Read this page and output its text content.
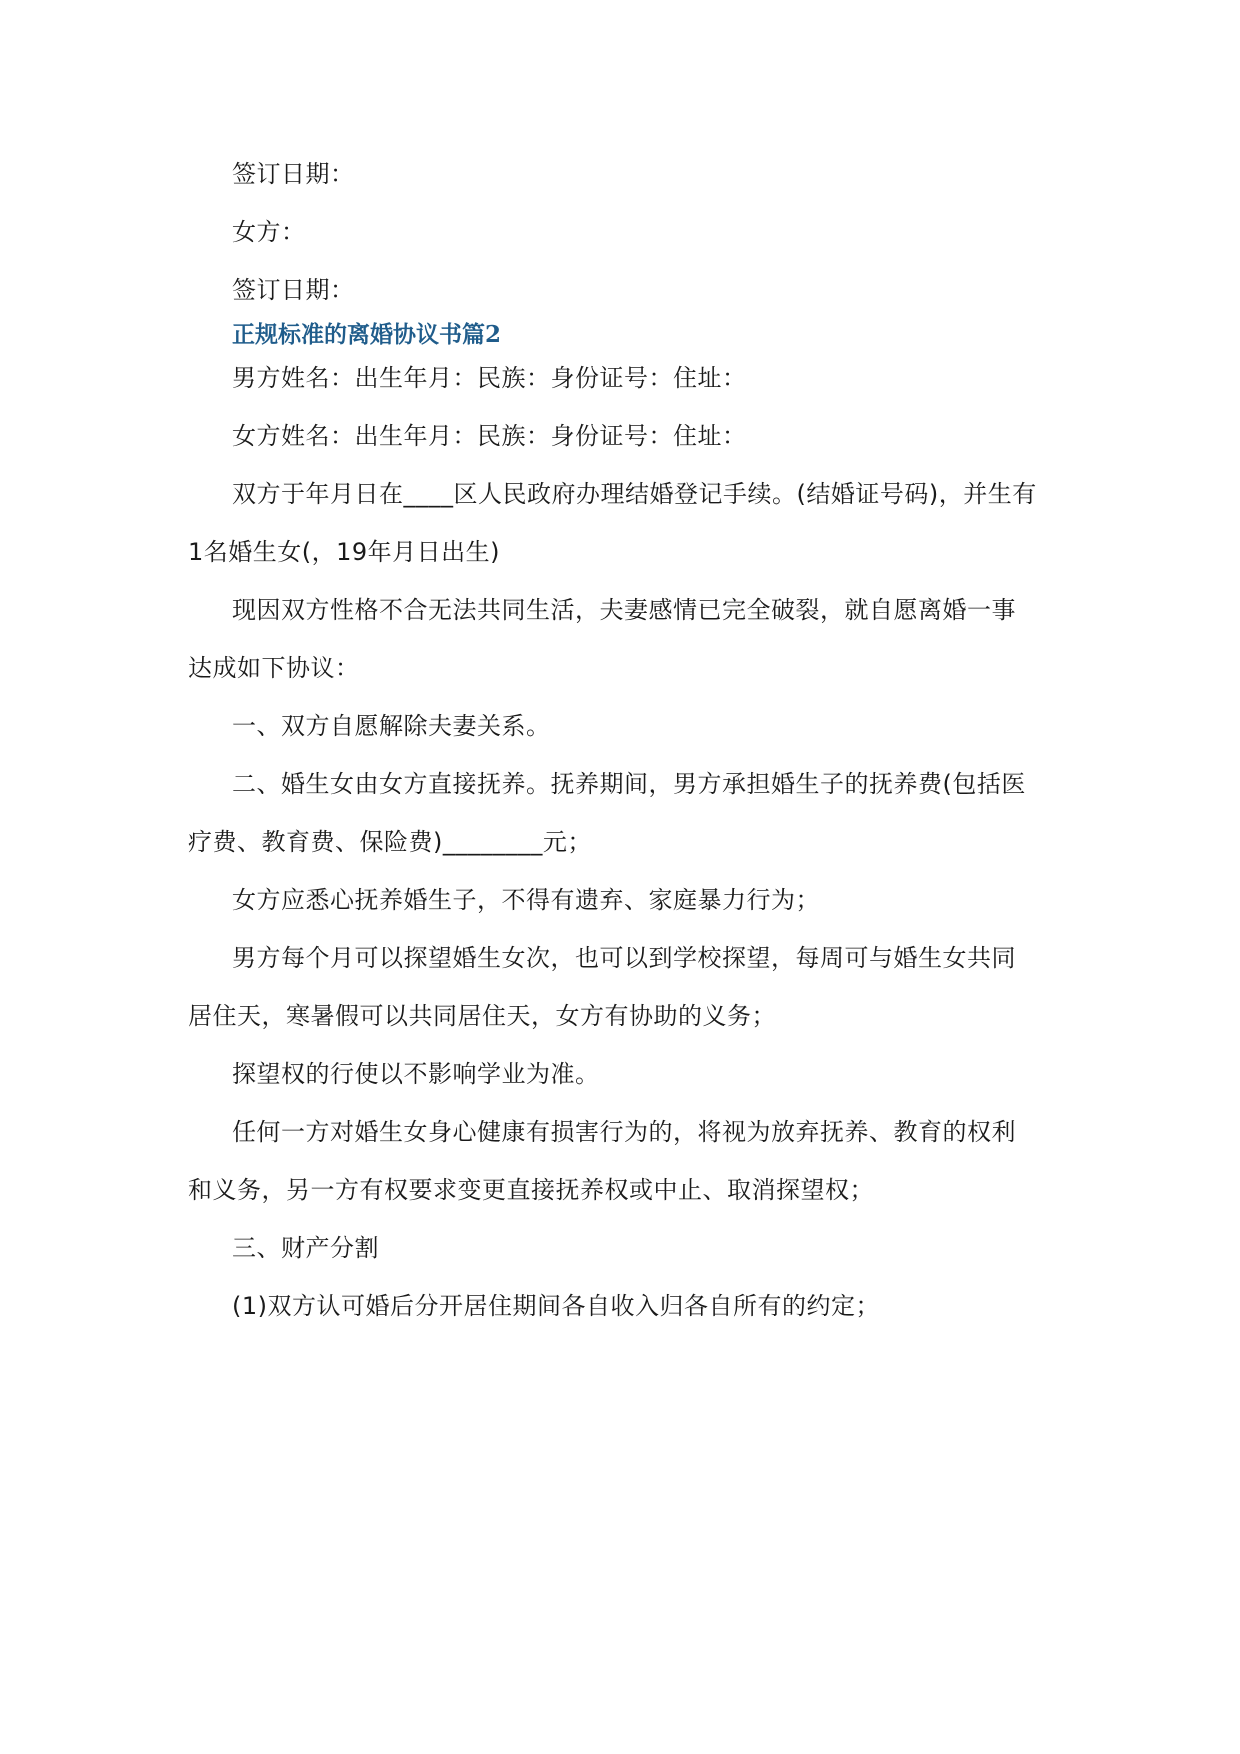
签订日期：
女方：
签订日期：
正规标准的离婚协议书篇2
男方姓名：出生年月：民族：身份证号：住址：
女方姓名：出生年月：民族：身份证号：住址：
双方于年月日在____区人民政府办理结婚登记手续。(结婚证号码)，并生有
1名婚生女(，19年月日出生)
现因双方性格不合无法共同生活，夫妻感情已完全破裂，就自愿离婚一事
达成如下协议：
一、双方自愿解除夫妻关系。
二、婚生女由女方直接抚养。抚养期间，男方承担婚生子的抚养费(包括医
疗费、教育费、保险费)________元；
女方应悉心抚养婚生子，不得有遗弃、家庭暴力行为；
男方每个月可以探望婚生女次，也可以到学校探望，每周可与婚生女共同
居住天，寒暑假可以共同居住天，女方有协助的义务；
探望权的行使以不影响学业为准。
任何一方对婚生女身心健康有损害行为的，将视为放弃抚养、教育的权利
和义务，另一方有权要求变更直接抚养权或中止、取消探望权；
三、财产分割
(1)双方认可婚后分开居住期间各自收入归各自所有的约定；
